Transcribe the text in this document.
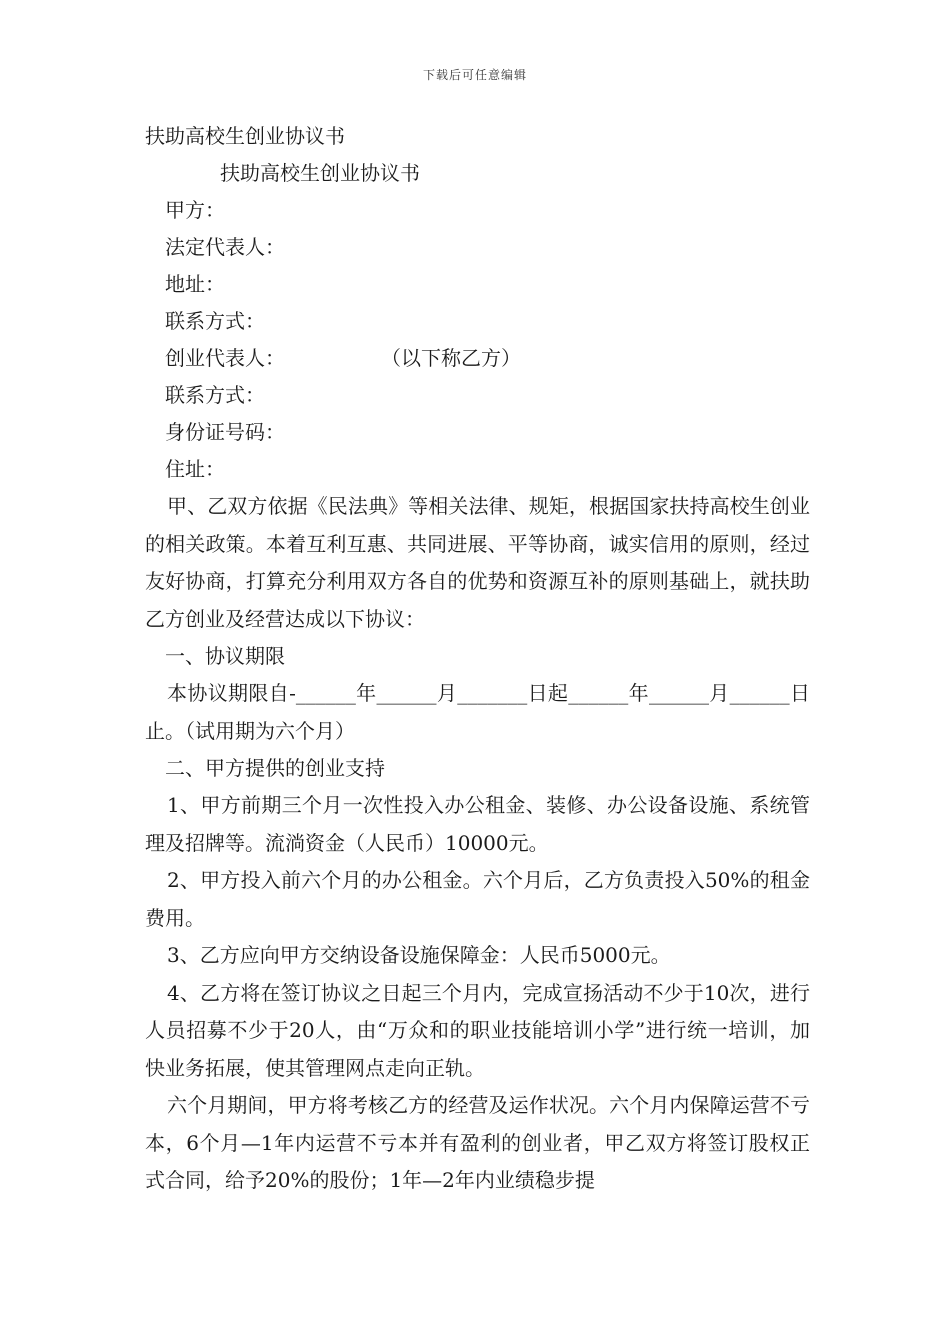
下载后可任意编辑
扶助高校生创业协议书
扶助高校生创业协议书
甲方：
法定代表人：
地址：
联系方式：
创业代表人：	（以下称乙方）
联系方式：
身份证号码：
住址：
甲、乙双方依据《民法典》等相关法律、规矩，根据国家扶持高校生创业的相关政策。本着互利互惠、共同进展、平等协商，诚实信用的原则，经过友好协商，打算充分利用双方各自的优势和资源互补的原则基础上，就扶助乙方创业及经营达成以下协议：
一、协议期限
本协议期限自-______年______月_______日起______年______月______日止。（试用期为六个月）
二、甲方提供的创业支持
1、甲方前期三个月一次性投入办公租金、装修、办公设备设施、系统管理及招牌等。流淌资金（人民币）10000元。
2、甲方投入前六个月的办公租金。六个月后，乙方负责投入50%的租金费用。
3、乙方应向甲方交纳设备设施保障金：人民币5000元。
4、乙方将在签订协议之日起三个月内，完成宣扬活动不少于10次，进行人员招募不少于20人，由“万众和的职业技能培训小学”进行统一培训，加快业务拓展，使其管理网点走向正轨。
六个月期间，甲方将考核乙方的经营及运作状况。六个月内保障运营不亏本，6个月—1年内运营不亏本并有盈利的创业者，甲乙双方将签订股权正式合同，给予20%的股份；1年—2年内业绩稳步提
